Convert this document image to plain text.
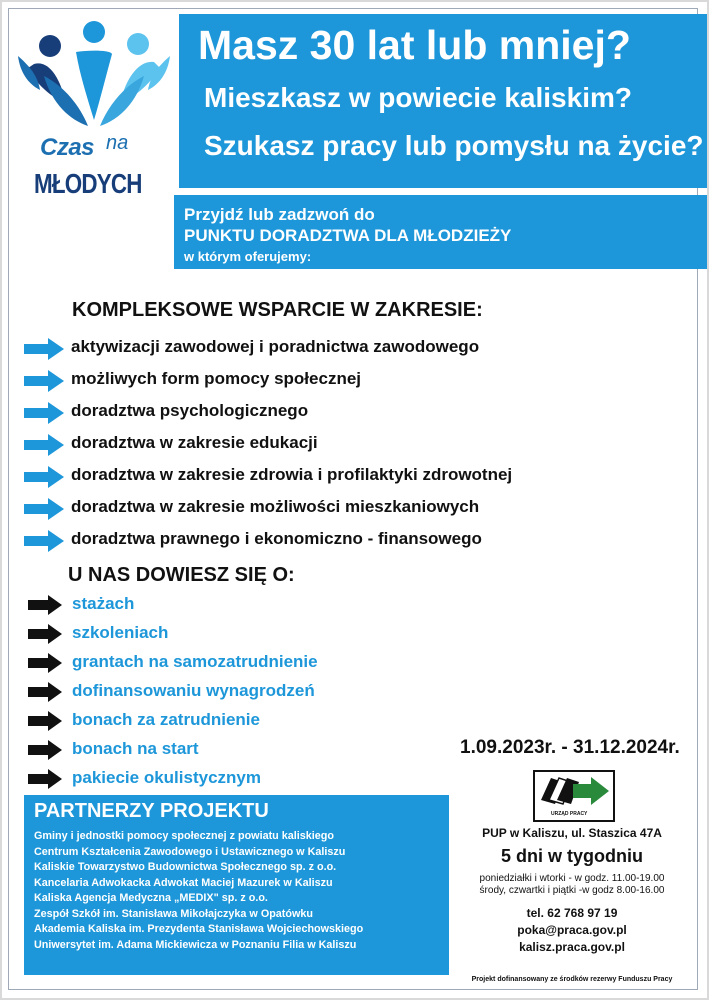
Czas na
MŁODYCH
Masz 30 lat lub mniej?
Mieszkasz w powiecie kaliskim?
Szukasz pracy lub pomysłu na życie?
Przyjdź lub zadzwoń do
PUNKTU DORADZTWA DLA MŁODZIEŻY
w którym oferujemy:
KOMPLEKSOWE WSPARCIE W ZAKRESIE:
aktywizacji zawodowej i poradnictwa zawodowego
możliwych form pomocy społecznej
doradztwa psychologicznego
doradztwa w zakresie edukacji
doradztwa w zakresie zdrowia i profilaktyki zdrowotnej
doradztwa w zakresie możliwości mieszkaniowych
doradztwa prawnego i ekonomiczno - finansowego
U NAS DOWIESZ SIĘ O:
stażach
szkoleniach
grantach na samozatrudnienie
dofinansowaniu wynagrodzeń
bonach za zatrudnienie
bonach na start
pakiecie okulistycznym
1.09.2023r. - 31.12.2024r.
URZĄD PRACY
PUP w Kaliszu, ul. Staszica 47A
5 dni w tygodniu
poniedziałki i wtorki - w godz. 11.00-19.00
środy, czwartki i piątki -w godz 8.00-16.00
tel. 62 768 97 19
poka@praca.gov.pl
kalisz.praca.gov.pl
Projekt dofinansowany ze środków rezerwy Funduszu Pracy
PARTNERZY PROJEKTU
Gminy i jednostki pomocy społecznej z powiatu kaliskiego
Centrum Kształcenia Zawodowego i Ustawicznego w Kaliszu
Kaliskie Towarzystwo Budownictwa Społecznego sp. z o.o.
Kancelaria Adwokacka Adwokat Maciej Mazurek w Kaliszu
Kaliska Agencja Medyczna „MEDIX" sp. z o.o.
Zespół Szkół im. Stanisława Mikołajczyka w Opatówku
Akademia Kaliska im. Prezydenta Stanisława Wojciechowskiego
Uniwersytet im. Adama Mickiewicza w Poznaniu Filia w Kaliszu
